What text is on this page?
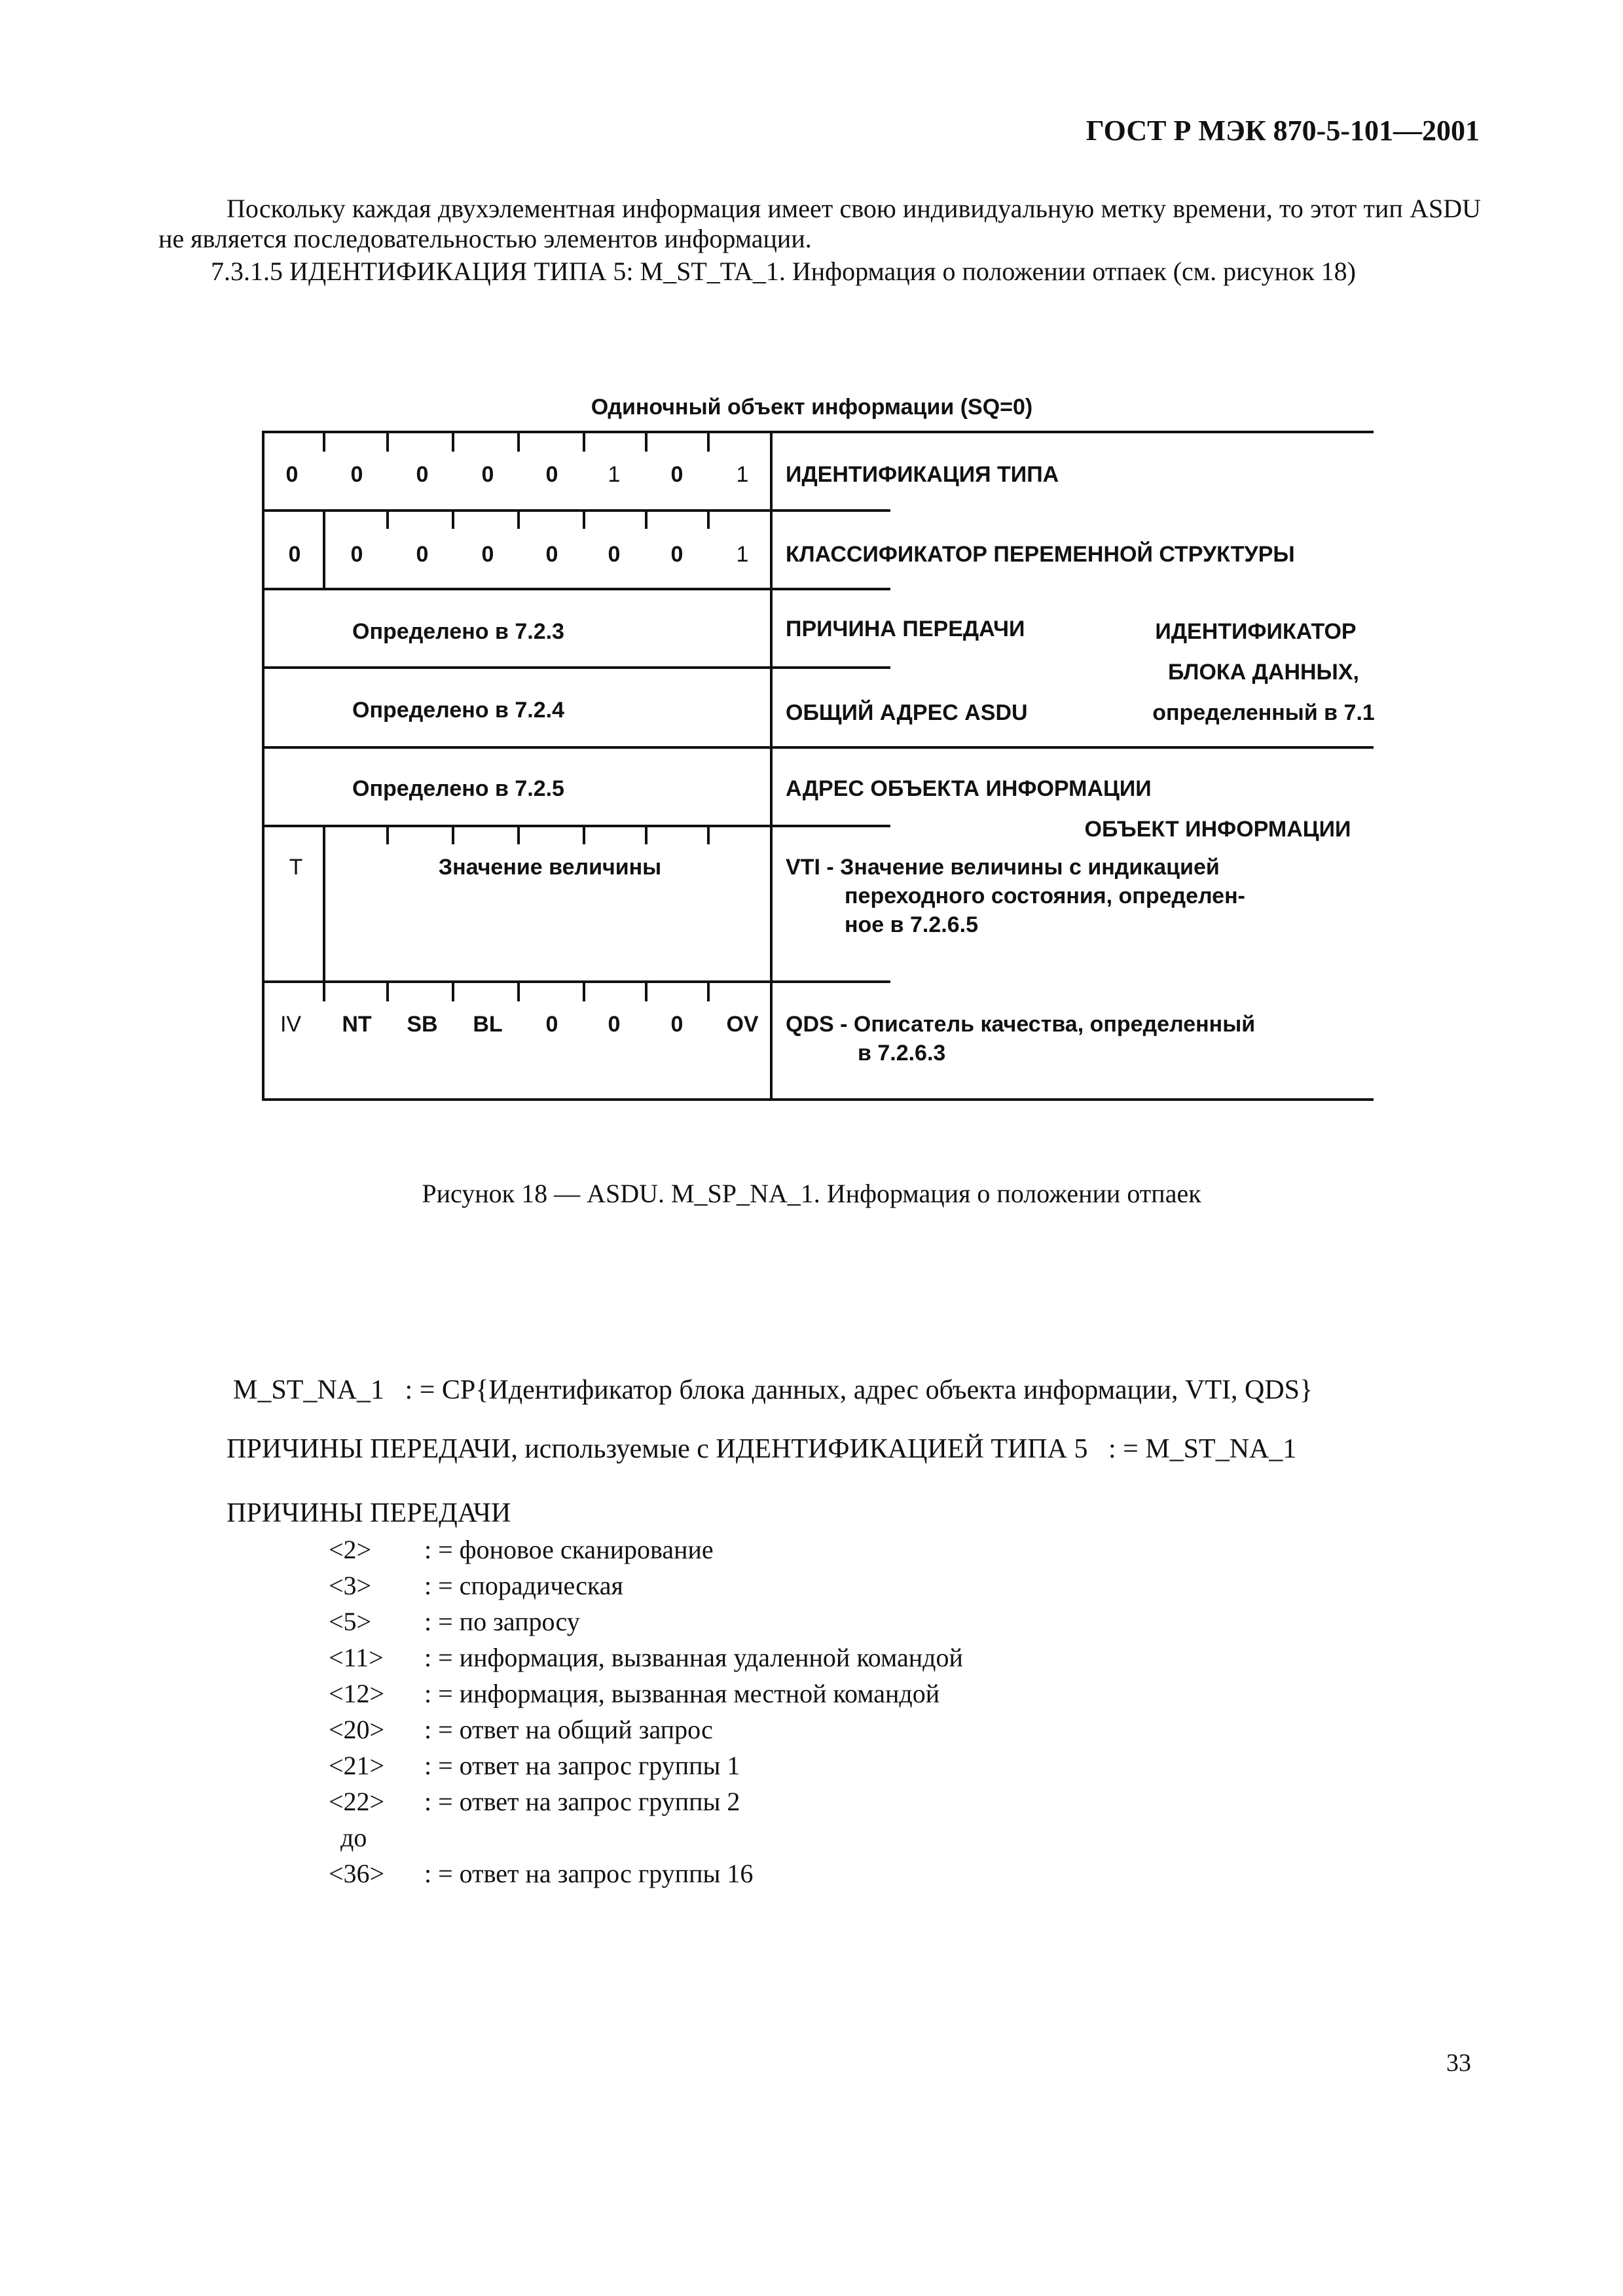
ГОСТ Р МЭК 870-5-101—2001
Поскольку каждая двухэлементная информация имеет свою индивидуальную метку времени, то этот тип ASDU не является последовательностью элементов информации.
7.3.1.5 ИДЕНТИФИКАЦИЯ ТИПА 5: M_ST_TA_1. Информация о положении отпаек (см. рисунок 18)
Одиночный объект информации (SQ=0)
0 0 0 0 0 1 0 1 ИДЕНТИФИКАЦИЯ ТИПА
0 0 0 0 0 0 0 1 КЛАССИФИКАТОР ПЕРЕМЕННОЙ СТРУКТУРЫ
Определено в 7.2.3	ПРИЧИНА ПЕРЕДАЧИ
Определено в 7.2.4	ОБЩИЙ АДРЕС ASDU
ИДЕНТИФИКАТОР
БЛОКА ДАННЫХ,
определенный в 7.1
Определено в 7.2.5	АДРЕС ОБЪЕКТА ИНФОРМАЦИИ
ОБЪЕКТ ИНФОРМАЦИИ
T	Значение величины	VTI - Значение величины с индикацией
переходного состояния, определен-
ное в 7.2.6.5
IV NT SB BL 0 0 0 OV QDS - Описатель качества, определенный
в 7.2.6.3
Рисунок 18 — ASDU. M_SP_NA_1. Информация о положении отпаек
M_ST_NA_1   : = CP{Идентификатор блока данных, адрес объекта информации, VTI, QDS}
ПРИЧИНЫ ПЕРЕДАЧИ, используемые с ИДЕНТИФИКАЦИЕЙ ТИПА 5   : = M_ST_NA_1
ПРИЧИНЫ ПЕРЕДАЧИ
<2> : = фоновое сканирование
<3> : = спорадическая
<5> : = по запросу
<11> : = информация, вызванная удаленной командой
<12> : = информация, вызванная местной командой
<20> : = ответ на общий запрос
<21> : = ответ на запрос группы 1
<22> : = ответ на запрос группы 2
до
<36> : = ответ на запрос группы 16
33
